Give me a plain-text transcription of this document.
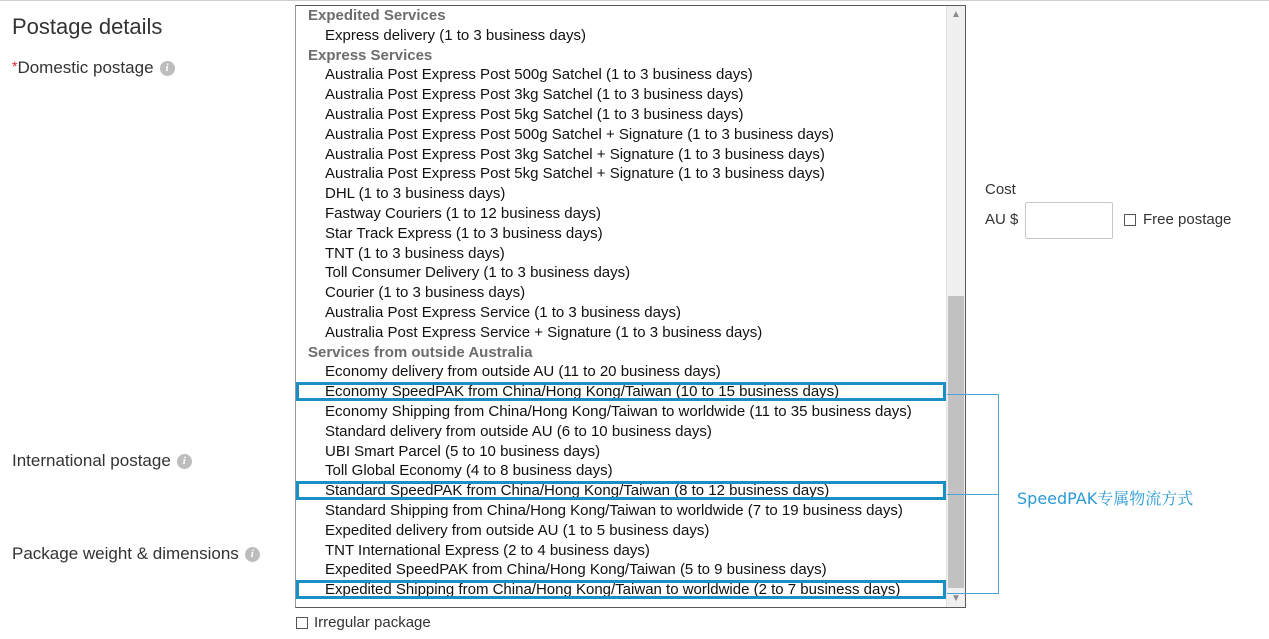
Postage details
* Domestic postage	i
International postage	i
Package weight & dimensions	i
Expedited Services
Express delivery (1 to 3 business days)
Express Services
Australia Post Express Post 500g Satchel (1 to 3 business days)
Australia Post Express Post 3kg Satchel (1 to 3 business days)
Australia Post Express Post 5kg Satchel (1 to 3 business days)
Australia Post Express Post 500g Satchel + Signature (1 to 3 business days)
Australia Post Express Post 3kg Satchel + Signature (1 to 3 business days)
Australia Post Express Post 5kg Satchel + Signature (1 to 3 business days)
DHL (1 to 3 business days)
Fastway Couriers (1 to 12 business days)
Star Track Express (1 to 3 business days)
TNT (1 to 3 business days)
Toll Consumer Delivery (1 to 3 business days)
Courier (1 to 3 business days)
Australia Post Express Service (1 to 3 business days)
Australia Post Express Service + Signature (1 to 3 business days)
Services from outside Australia
Economy delivery from outside AU (11 to 20 business days)
Economy SpeedPAK from China/Hong Kong/Taiwan (10 to 15 business days)
Economy Shipping from China/Hong Kong/Taiwan to worldwide (11 to 35 business days)
Standard delivery from outside AU (6 to 10 business days)
UBI Smart Parcel (5 to 10 business days)
Toll Global Economy (4 to 8 business days)
Standard SpeedPAK from China/Hong Kong/Taiwan (8 to 12 business days)
Standard Shipping from China/Hong Kong/Taiwan to worldwide (7 to 19 business days)
Expedited delivery from outside AU (1 to 5 business days)
TNT International Express (2 to 4 business days)
Expedited SpeedPAK from China/Hong Kong/Taiwan (5 to 9 business days)
Expedited Shipping from China/Hong Kong/Taiwan to worldwide (2 to 7 business days)
▲
▼
Cost
AU $	Free postage
Irregular package
SpeedPAK专属物流方式
